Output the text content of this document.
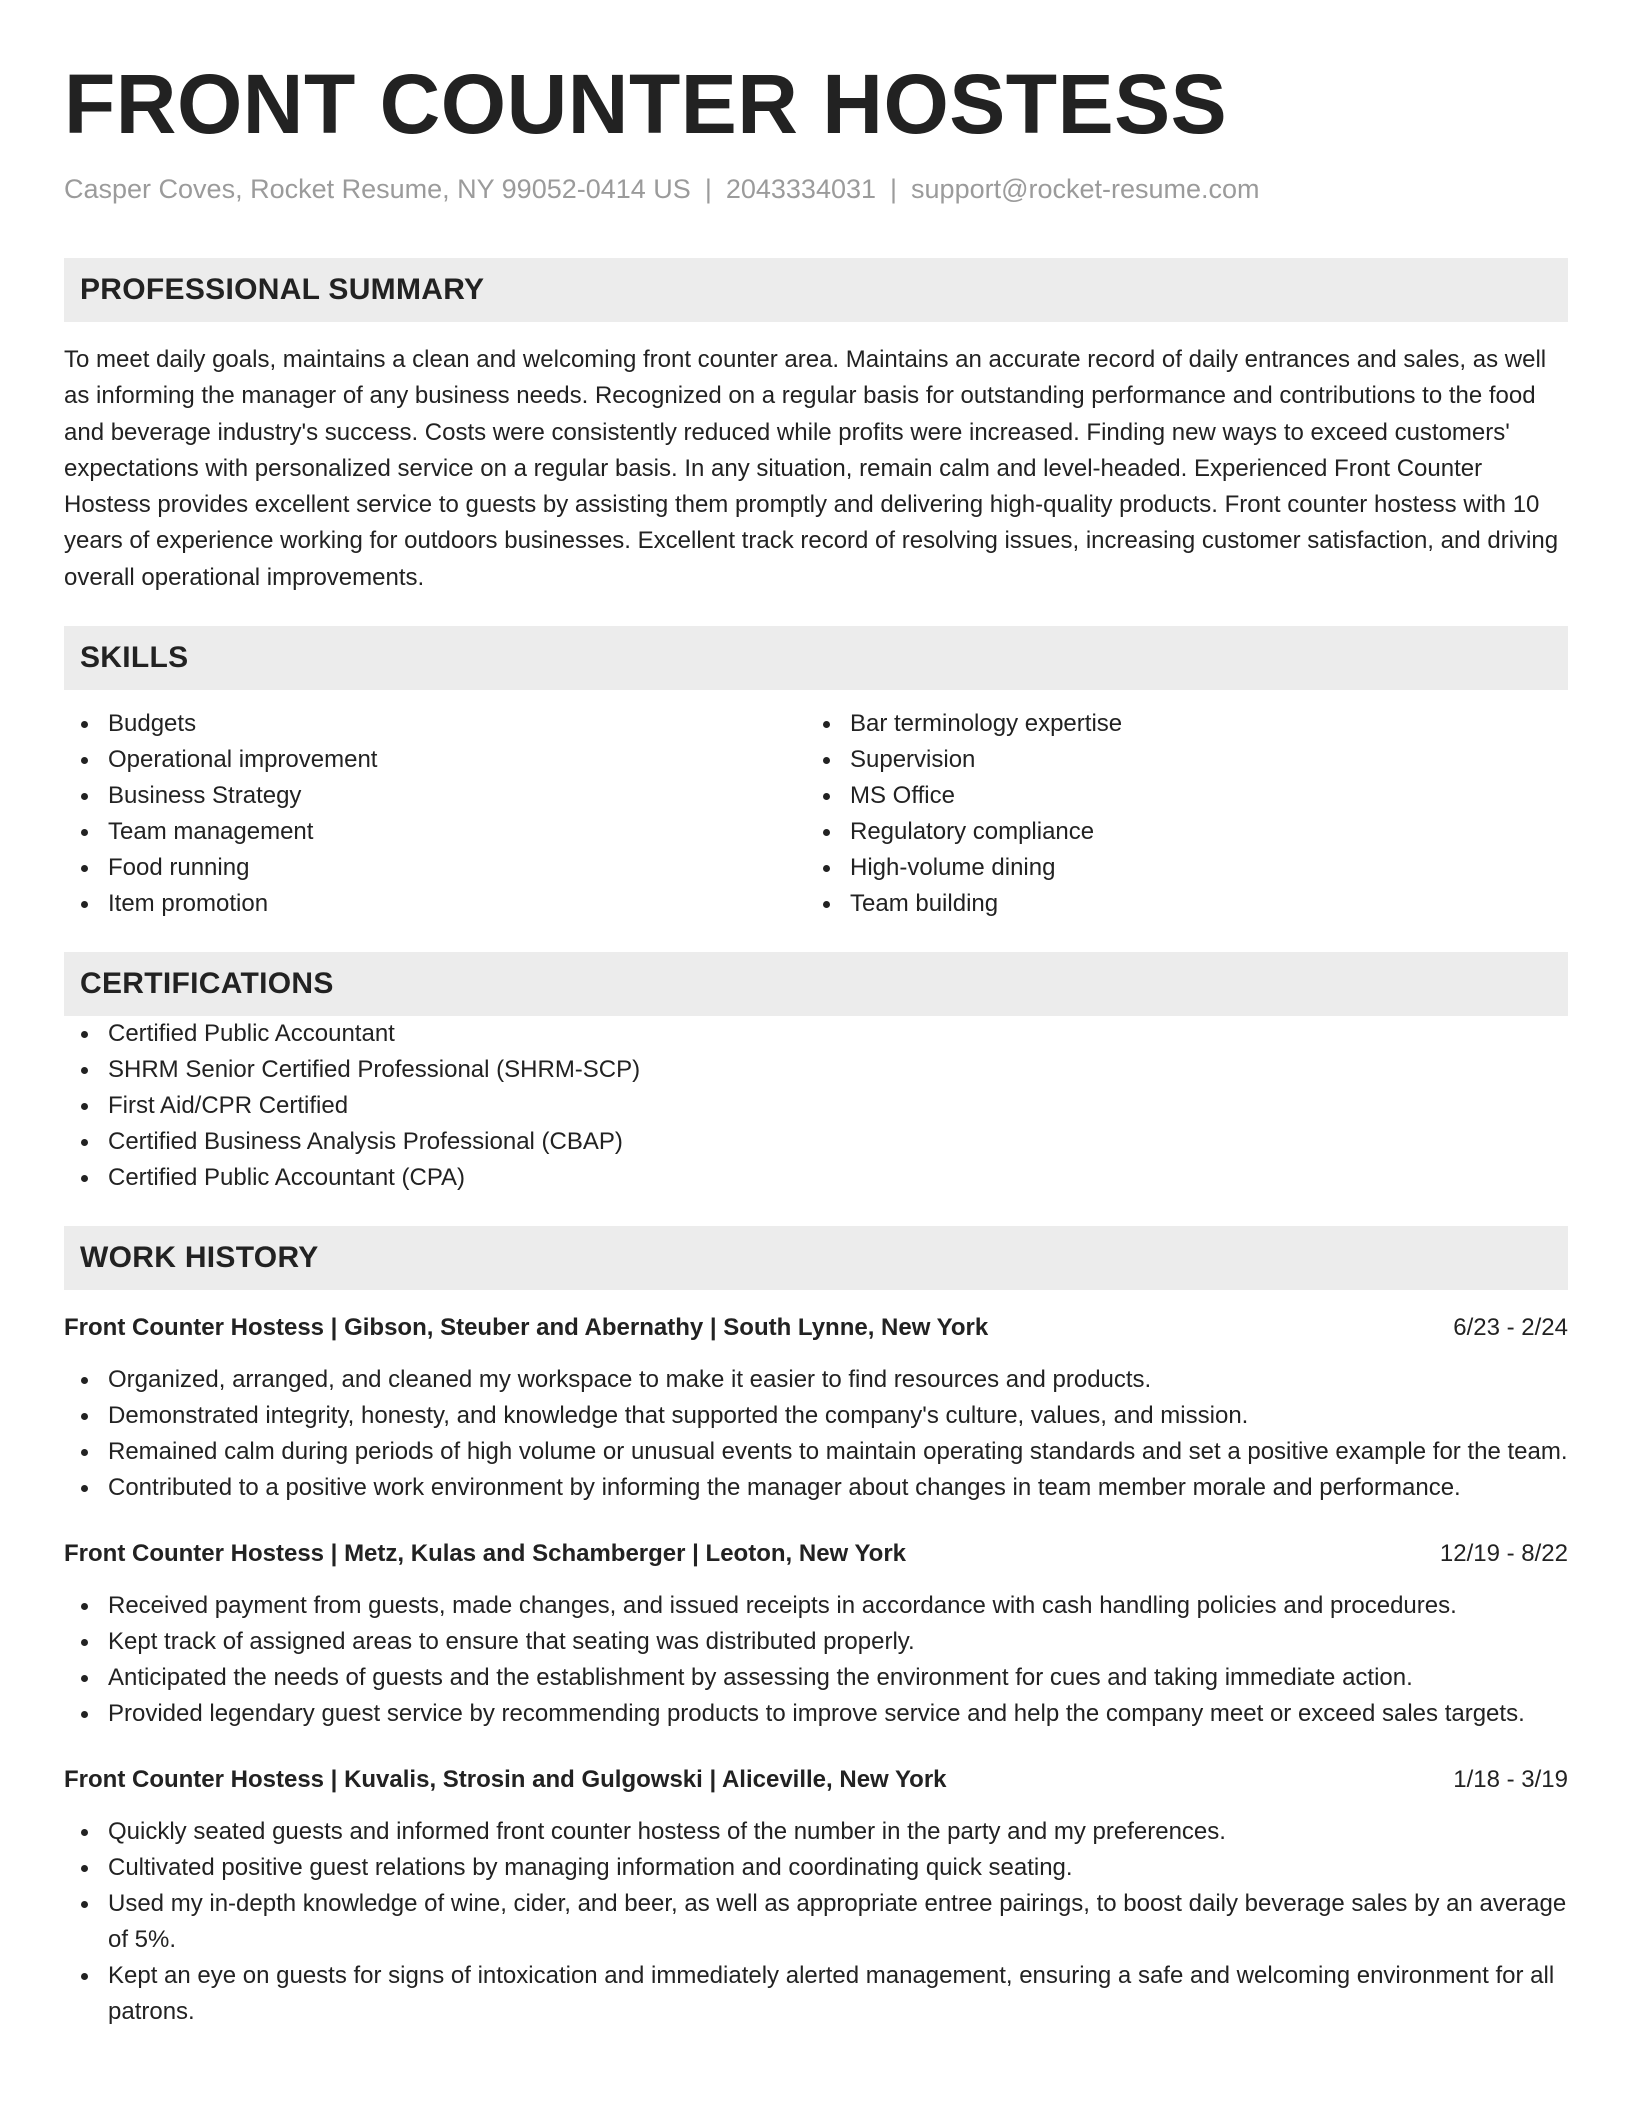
FRONT COUNTER HOSTESS
Casper Coves, Rocket Resume, NY 99052-0414 US | 2043334031 | support@rocket-resume.com
PROFESSIONAL SUMMARY

To meet daily goals, maintains a clean and welcoming front counter area. Maintains an accurate record of daily entrances and sales, as well as informing the manager of any business needs. Recognized on a regular basis for outstanding performance and contributions to the food and beverage industry's success. Costs were consistently reduced while profits were increased. Finding new ways to exceed customers' expectations with personalized service on a regular basis. In any situation, remain calm and level-headed. Experienced Front Counter Hostess provides excellent service to guests by assisting them promptly and delivering high-quality products. Front counter hostess with 10 years of experience working for outdoors businesses. Excellent track record of resolving issues, increasing customer satisfaction, and driving overall operational improvements.

SKILLS
Budgets
Operational improvement
Business Strategy
Team management
Food running
Item promotion
Bar terminology expertise
Supervision
MS Office
Regulatory compliance
High-volume dining
Team building
CERTIFICATIONS
Certified Public Accountant
SHRM Senior Certified Professional (SHRM-SCP)
First Aid/CPR Certified
Certified Business Analysis Professional (CBAP)
Certified Public Accountant (CPA)
WORK HISTORY
Front Counter Hostess | Gibson, Steuber and Abernathy | South Lynne, New York	6/23 - 2/24
Organized, arranged, and cleaned my workspace to make it easier to find resources and products.
Demonstrated integrity, honesty, and knowledge that supported the company's culture, values, and mission.
Remained calm during periods of high volume or unusual events to maintain operating standards and set a positive example for the team.
Contributed to a positive work environment by informing the manager about changes in team member morale and performance.
Front Counter Hostess | Metz, Kulas and Schamberger | Leoton, New York	12/19 - 8/22
Received payment from guests, made changes, and issued receipts in accordance with cash handling policies and procedures.
Kept track of assigned areas to ensure that seating was distributed properly.
Anticipated the needs of guests and the establishment by assessing the environment for cues and taking immediate action.
Provided legendary guest service by recommending products to improve service and help the company meet or exceed sales targets.
Front Counter Hostess | Kuvalis, Strosin and Gulgowski | Aliceville, New York	1/18 - 3/19
Quickly seated guests and informed front counter hostess of the number in the party and my preferences.
Cultivated positive guest relations by managing information and coordinating quick seating.
Used my in-depth knowledge of wine, cider, and beer, as well as appropriate entree pairings, to boost daily beverage sales by an average of 5%.
Kept an eye on guests for signs of intoxication and immediately alerted management, ensuring a safe and welcoming environment for all patrons.
